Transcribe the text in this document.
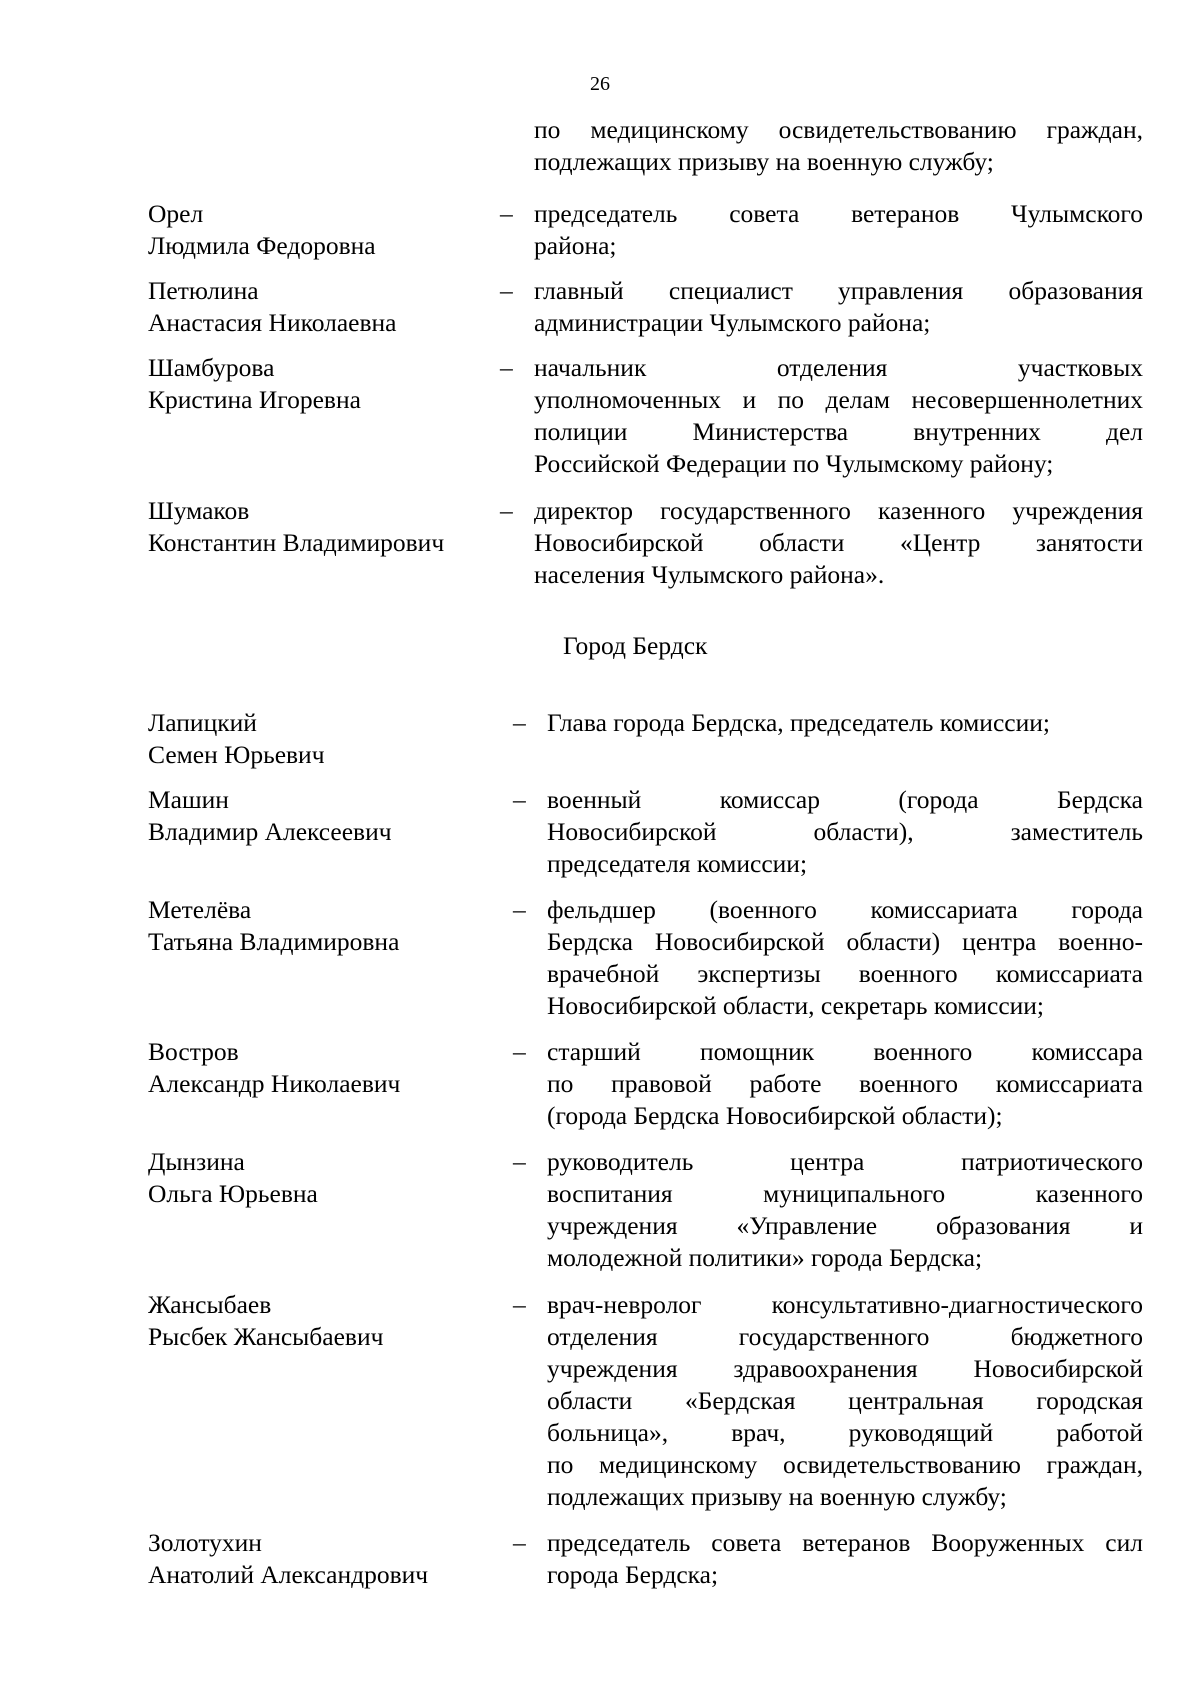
26
по медицинскому освидетельствованию граждан,
подлежащих призыву на военную службу;
Орел
Людмила Федоровна
– председатель совета ветеранов Чулымского
района;
Петюлина
Анастасия Николаевна
– главный специалист управления образования
администрации Чулымского района;
Шамбурова
Кристина Игоревна
– начальник отделения участковых
уполномоченных и по делам несовершеннолетних
полиции Министерства внутренних дел
Российской Федерации по Чулымскому району;
Шумаков
Константин Владимирович
– директор государственного казенного учреждения
Новосибирской области «Центр занятости
населения Чулымского района».
Город Бердск
Лапицкий
Семен Юрьевич
– Глава города Бердска, председатель комиссии;
Машин
Владимир Алексеевич
– военный комиссар (города Бердска
Новосибирской области), заместитель
председателя комиссии;
Метелёва
Татьяна Владимировна
– фельдшер (военного комиссариата города
Бердска Новосибирской области) центра военно-
врачебной экспертизы военного комиссариата
Новосибирской области, секретарь комиссии;
Востров
Александр Николаевич
– старший помощник военного комиссара
по правовой работе военного комиссариата
(города Бердска Новосибирской области);
Дынзина
Ольга Юрьевна
– руководитель центра патриотического
воспитания муниципального казенного
учреждения «Управление образования и
молодежной политики» города Бердска;
Жансыбаев
Рысбек Жансыбаевич
– врач-невролог консультативно-диагностического
отделения государственного бюджетного
учреждения здравоохранения Новосибирской
области «Бердская центральная городская
больница», врач, руководящий работой
по медицинскому освидетельствованию граждан,
подлежащих призыву на военную службу;
Золотухин
Анатолий Александрович
– председатель совета ветеранов Вооруженных сил
города Бердска;
